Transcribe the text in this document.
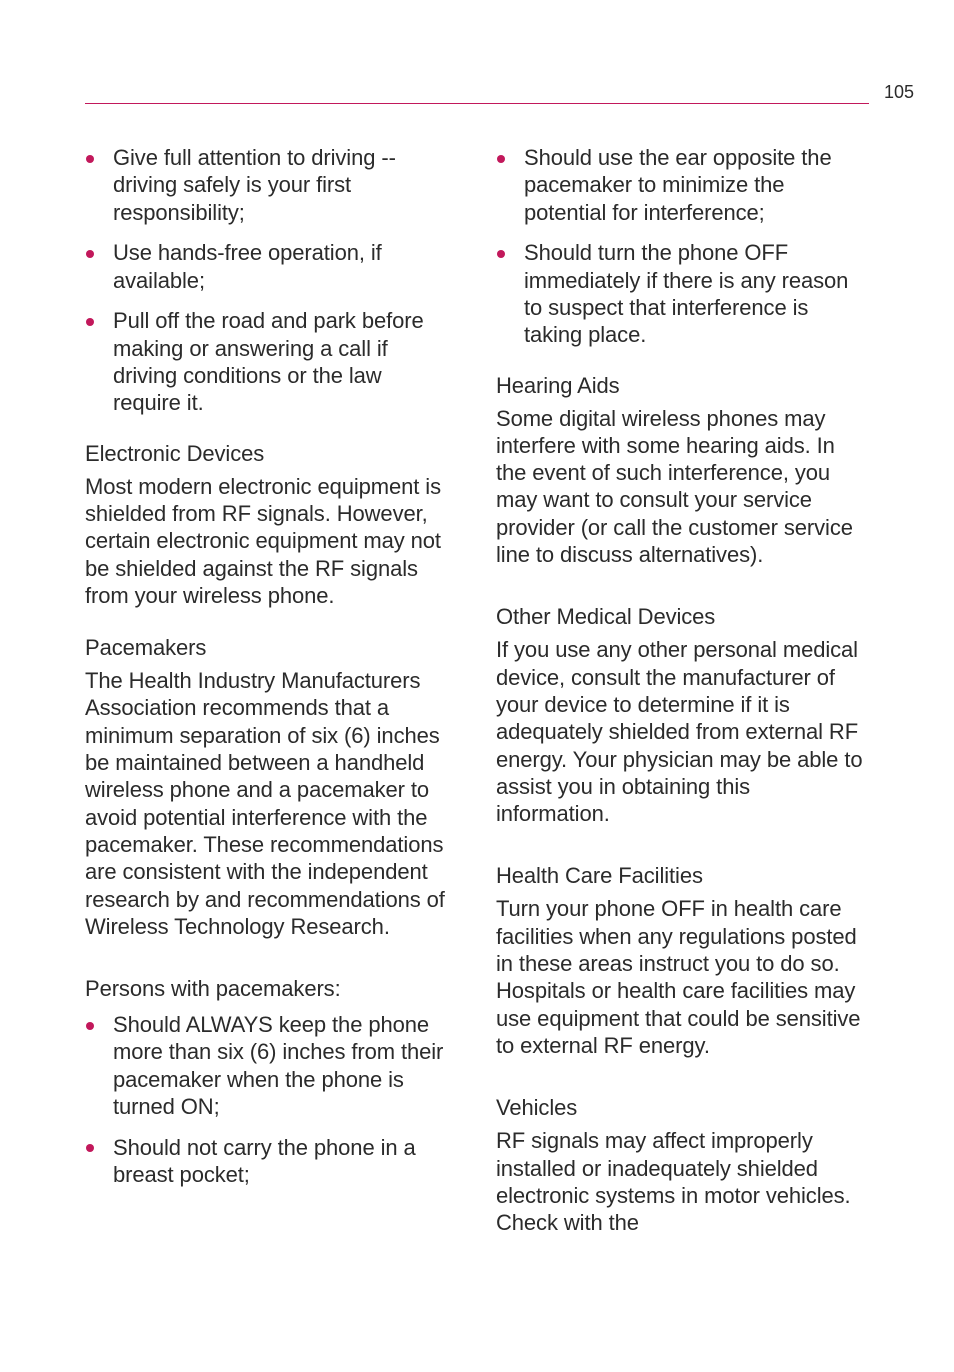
105
Give full attention to driving -- driving safely is your first responsibility;
Use hands-free operation, if available;
Pull off the road and park before making or answering a call if driving conditions or the law require it.
Electronic Devices

Most modern electronic equipment is shielded from RF signals. However, certain electronic equipment may not be shielded against the RF signals from your wireless phone.

Pacemakers

The Health Industry Manufacturers Association recommends that a minimum separation of six (6) inches be maintained between a handheld wireless phone and a pacemaker to avoid potential interference with the pacemaker. These recommendations are consistent with the independent research by and recommendations of Wireless Technology Research.

Persons with pacemakers:
Should ALWAYS keep the phone more than six (6) inches from their pacemaker when the phone is turned ON;
Should not carry the phone in a breast pocket;
Should use the ear opposite the pacemaker to minimize the potential for interference;
Should turn the phone OFF immediately if there is any reason to suspect that interference is taking place.
Hearing Aids

Some digital wireless phones may interfere with some hearing aids. In the event of such interference, you may want to consult your service provider (or call the customer service line to discuss alternatives).

Other Medical Devices

If you use any other personal medical device, consult the manufacturer of your device to determine if it is adequately shielded from external RF energy. Your physician may be able to assist you in obtaining this information.

Health Care Facilities

Turn your phone OFF in health care facilities when any regulations posted in these areas instruct you to do so. Hospitals or health care facilities may use equipment that could be sensitive to external RF energy.

Vehicles

RF signals may affect improperly installed or inadequately shielded electronic systems in motor vehicles. Check with the
